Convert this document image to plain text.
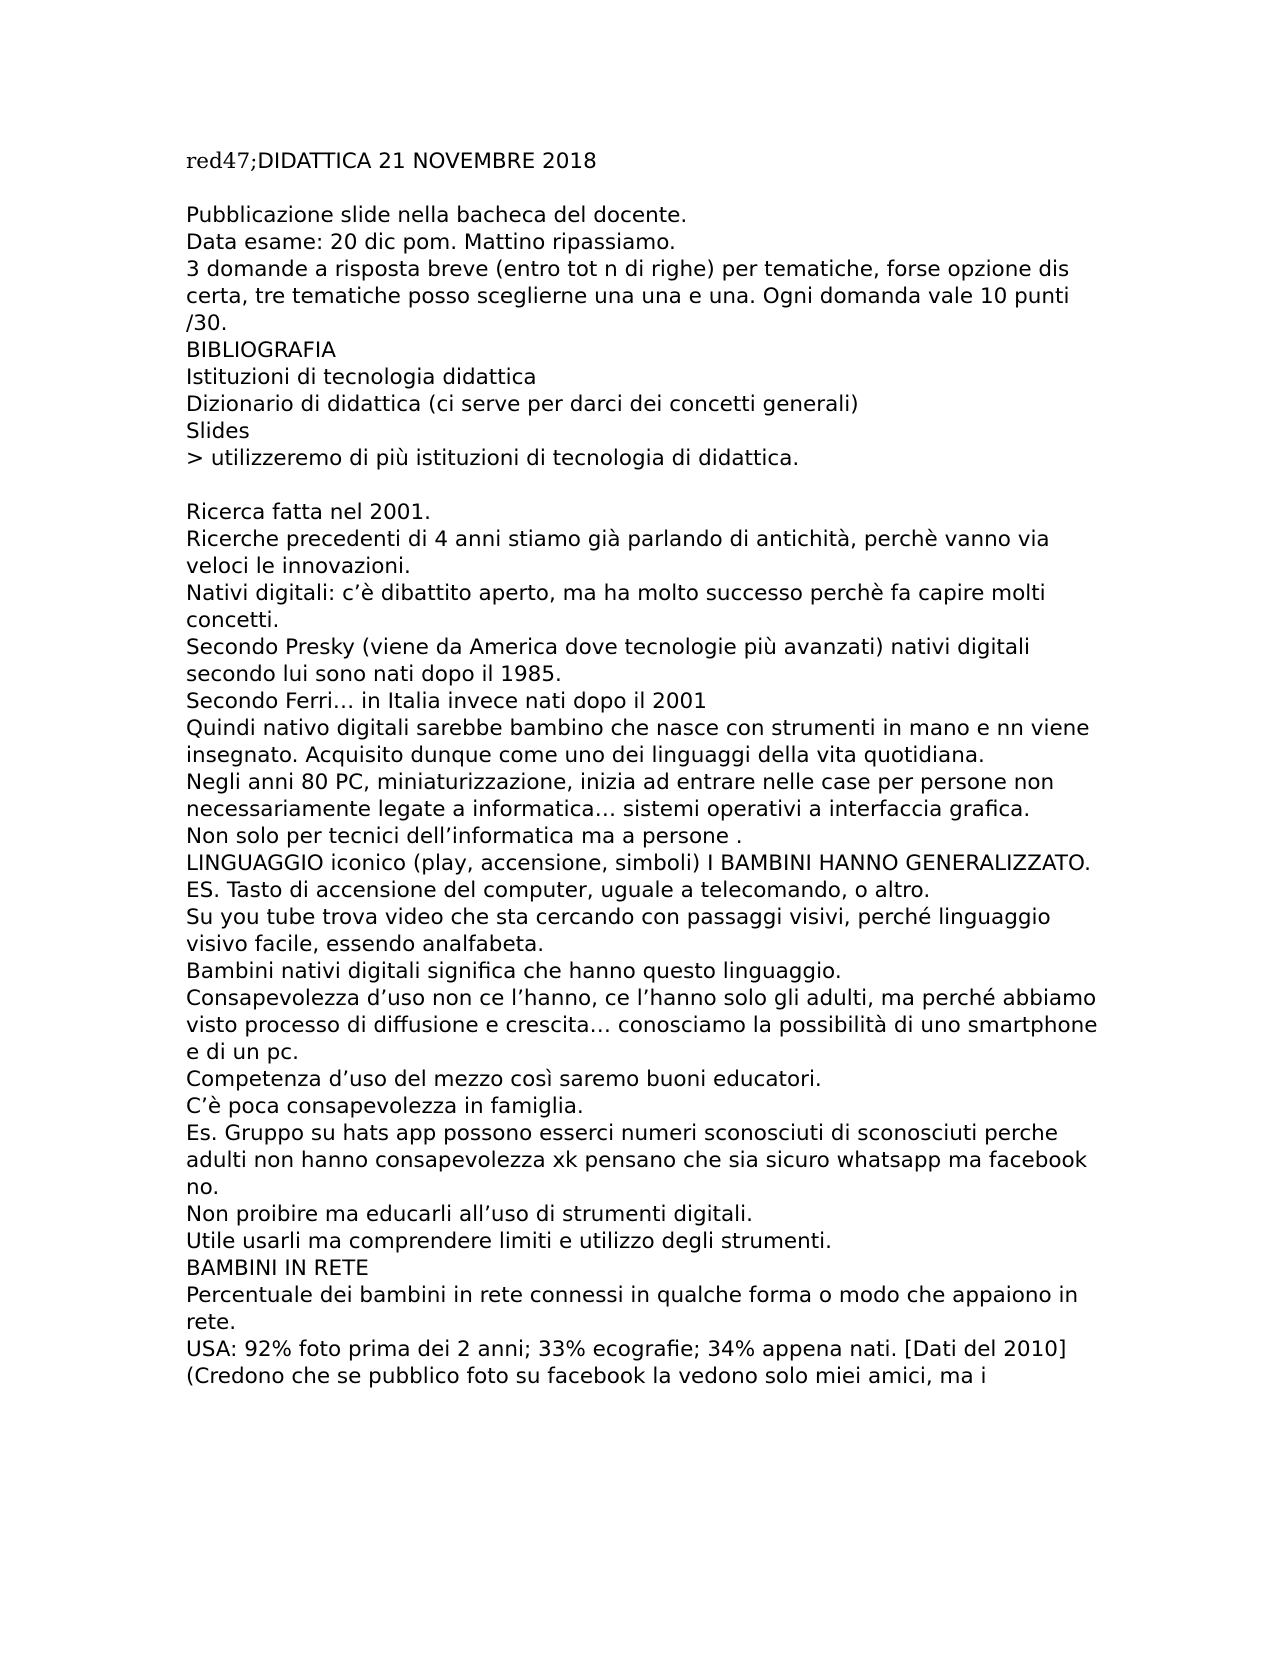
red47;DIDATTICA 21 NOVEMBRE 2018

Pubblicazione slide nella bacheca del docente.

Data esame: 20 dic pom. Mattino ripassiamo.

3 domande a risposta breve (entro tot n di righe) per tematiche, forse opzione dis certa, tre tematiche posso sceglierne una una e una. Ogni domanda vale 10 punti /30.

BIBLIOGRAFIA

Istituzioni di tecnologia didattica

Dizionario di didattica (ci serve per darci dei concetti generali)

Slides

> utilizzeremo di più istituzioni di tecnologia di didattica.

Ricerca fatta nel 2001.

Ricerche precedenti di 4 anni stiamo già parlando di antichità, perchè vanno via veloci le innovazioni.

Nativi digitali: c’è dibattito aperto, ma ha molto successo perchè fa capire molti concetti.

Secondo Presky (viene da America dove tecnologie più avanzati) nativi digitali secondo lui sono nati dopo il 1985.

Secondo Ferri… in Italia invece nati dopo il 2001

Quindi nativo digitali sarebbe bambino che nasce con strumenti in mano e nn viene insegnato. Acquisito dunque come uno dei linguaggi della vita quotidiana.

Negli anni 80 PC, miniaturizzazione, inizia ad entrare nelle case per persone non necessariamente legate a informatica… sistemi operativi a interfaccia grafica.

Non solo per tecnici dell’informatica ma a persone .

LINGUAGGIO iconico (play, accensione, simboli) I BAMBINI HANNO GENERALIZZATO.

ES. Tasto di accensione del computer, uguale a telecomando, o altro.

Su you tube trova video che sta cercando con passaggi visivi, perché linguaggio visivo facile, essendo analfabeta.

Bambini nativi digitali significa che hanno questo linguaggio.

Consapevolezza d’uso non ce l’hanno, ce l’hanno solo gli adulti, ma perché abbiamo visto processo di diffusione e crescita… conosciamo la possibilità di uno smartphone e di un pc.

Competenza d’uso del mezzo così saremo buoni educatori.

C’è poca consapevolezza in famiglia.

Es. Gruppo su hats app possono esserci numeri sconosciuti di sconosciuti perche adulti non hanno consapevolezza xk pensano che sia sicuro whatsapp ma facebook no.

Non proibire ma educarli all’uso di strumenti digitali.

Utile usarli ma comprendere limiti e utilizzo degli strumenti.

BAMBINI IN RETE

Percentuale dei bambini in rete connessi in qualche forma o modo che appaiono in rete.

USA: 92% foto prima dei 2 anni; 33% ecografie; 34% appena nati. [Dati del 2010]

(Credono che se pubblico foto su facebook la vedono solo miei amici, ma i
